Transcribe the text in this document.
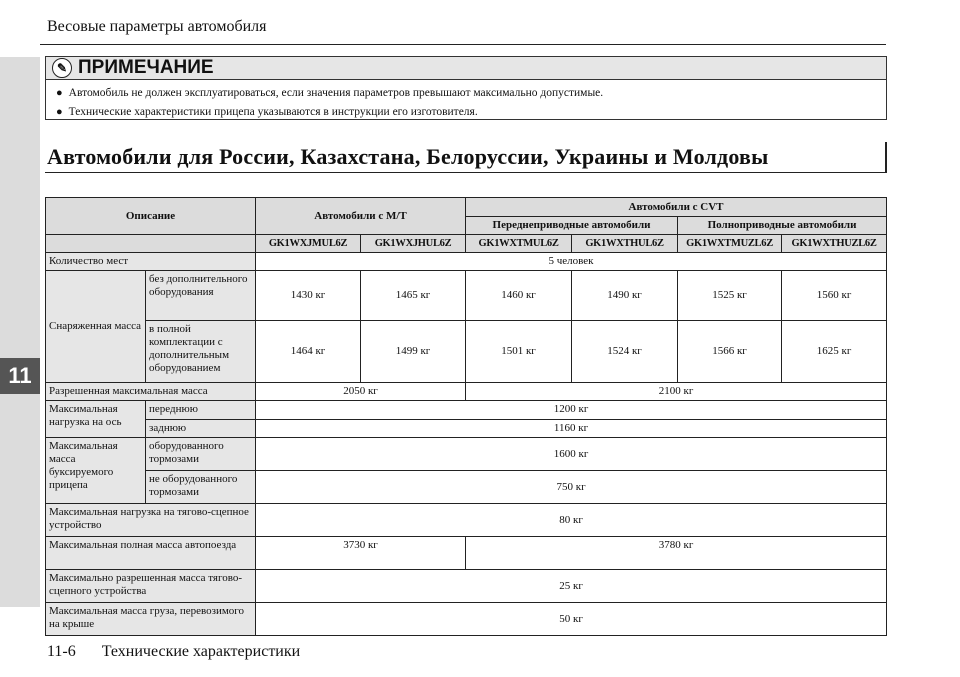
11
Весовые параметры автомобиля
✎ ПРИМЕЧАНИЕ
● Автомобиль не должен эксплуатироваться, если значения параметров превышают максимально допустимые.
● Технические характеристики прицепа указываются в инструкции его изготовителя.
Автомобили для России, Казахстана, Белоруссии, Украины и Молдовы
Описание		Автомобили с M/T		Автомобили с CVT			
				Переднеприводные автомобили		Полноприводные автомобили	
		GK1WXJMUL6Z	GK1WXJHUL6Z	GK1WXTMUL6Z	GK1WXTHUL6Z	GK1WXTMUZL6Z	GK1WXTHUZL6Z
Количество мест		5 человек					
Снаряженная масса	без дополнительного оборудования	1430 кг	1465 кг	1460 кг	1490 кг	1525 кг	1560 кг
	в полной комплектации с дополнительным оборудованием	1464 кг	1499 кг	1501 кг	1524 кг	1566 кг	1625 кг
Разрешенная максимальная масса		2050 кг		2100 кг			
Максимальная нагрузка на ось	переднюю	1200 кг					
	заднюю	1160 кг					
Максимальная масса буксируемого прицепа	оборудованного тормозами	1600 кг					
	не оборудованного тормозами	750 кг					
Максимальная нагрузка на тягово-сцепное устройство		80 кг					
Максимальная полная масса автопоезда		3730 кг		3780 кг			
Максимально разрешенная масса тягово-сцепного устройства		25 кг					
Максимальная масса груза, перевозимого на крыше		50 кг					
11-6 Технические характеристики
